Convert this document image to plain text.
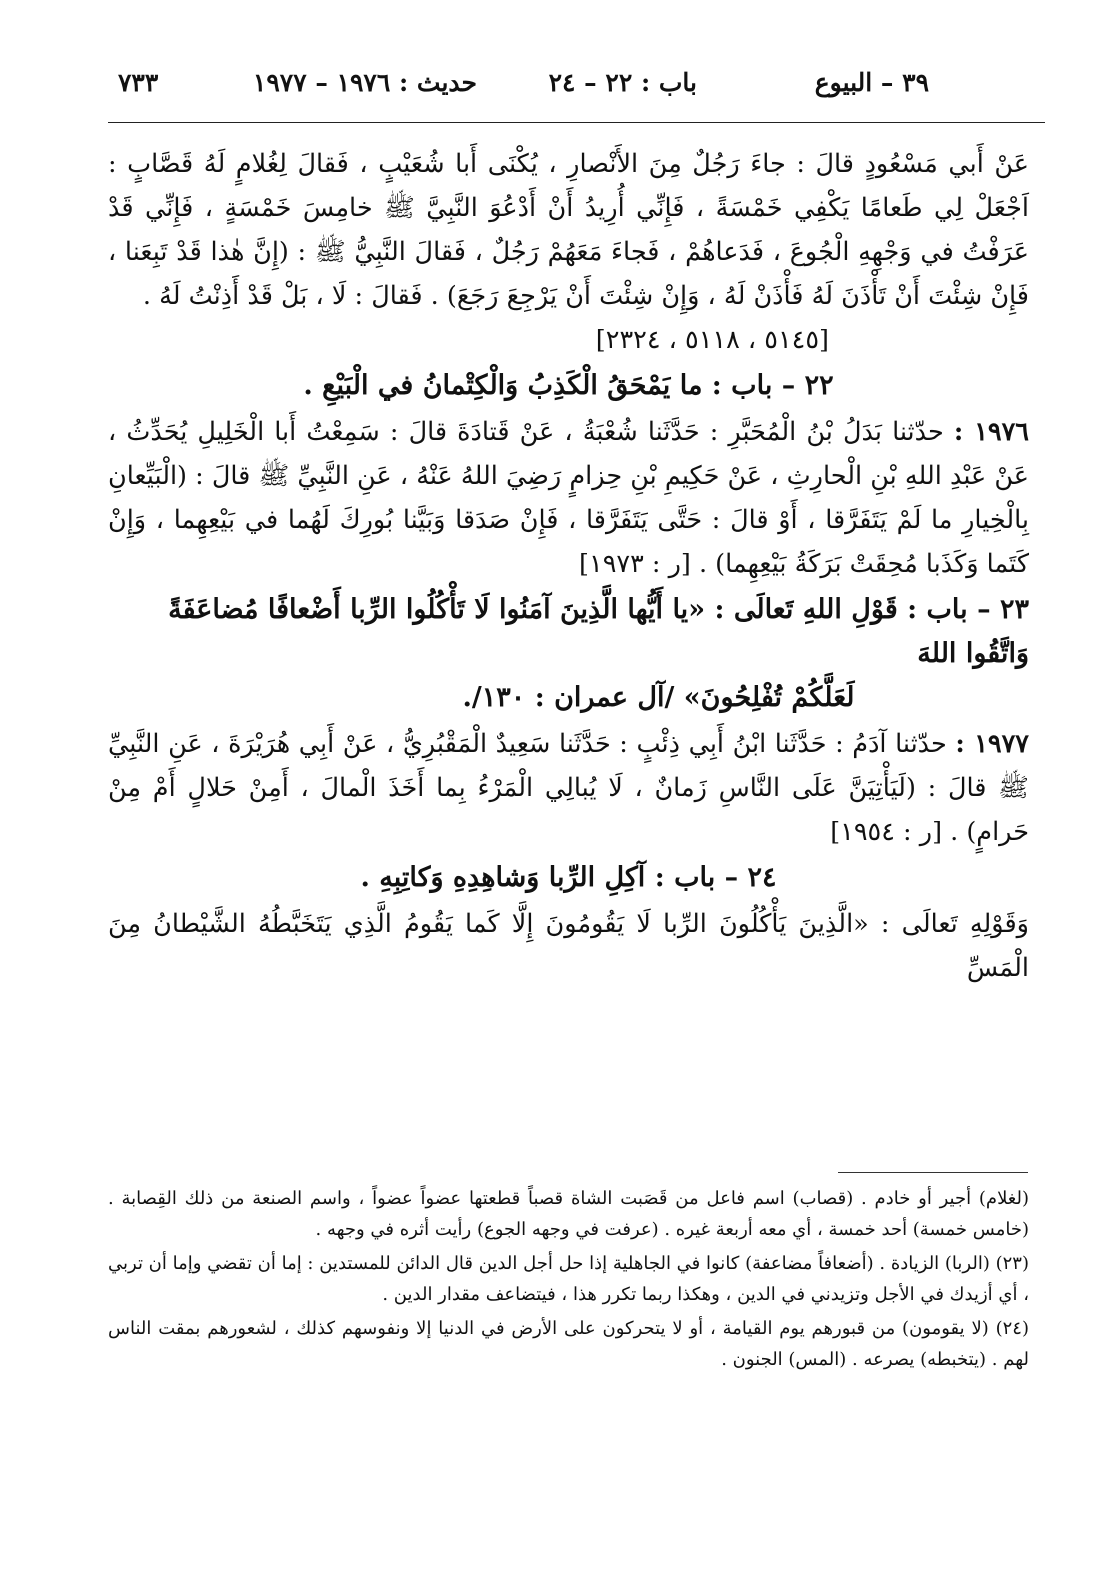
٣٩ – البيوع
باب : ٢٢ – ٢٤
حديث : ١٩٧٦ – ١٩٧٧
٧٣٣

عَنْ أَبي مَسْعُودٍ قالَ : جاءَ رَجُلٌ مِنَ الأَنْصارِ ، يُكْنَى أَبا شُعَيْبٍ ، فَقالَ لِغُلامٍ لَهُ قَصَّابٍ : اَجْعَلْ لِي طَعامًا يَكْفِي خَمْسَةً ، فَإِنِّي أُرِيدُ أَنْ أَدْعُوَ النَّبِيَّ ﷺ خامِسَ خَمْسَةٍ ، فَإِنِّي قَدْ عَرَفْتُ في وَجْهِهِ الْجُوعَ ، فَدَعاهُمْ ، فَجاءَ مَعَهُمْ رَجُلٌ ، فَقالَ النَّبِيُّ ﷺ : (إِنَّ هٰذا قَدْ تَبِعَنا ، فَإِنْ شِئْتَ أَنْ تَأْذَنَ لَهُ فَأْذَنْ لَهُ ، وَإِنْ شِئْتَ أَنْ يَرْجِعَ رَجَعَ) . فَقالَ : لَا ، بَلْ قَدْ أَذِنْتُ لَهُ .

[٥١٤٥ ، ٥١١٨ ، ٢٣٢٤]

٢٢ – باب : ما يَمْحَقُ الْكَذِبُ وَالْكِتْمانُ في الْبَيْعِ .

١٩٧٦ : حدّثنا بَدَلُ بْنُ الْمُحَبَّرِ : حَدَّثَنا شُعْبَةُ ، عَنْ قَتادَةَ قالَ : سَمِعْتُ أَبا الْخَلِيلِ يُحَدِّثُ ، عَنْ عَبْدِ اللهِ بْنِ الْحارِثِ ، عَنْ حَكِيمِ بْنِ حِزامٍ رَضِيَ اللهُ عَنْهُ ، عَنِ النَّبِيِّ ﷺ قالَ : (الْبَيِّعانِ بِالْخِيارِ ما لَمْ يَتَفَرَّقا ، أَوْ قالَ : حَتَّى يَتَفَرَّقا ، فَإِنْ صَدَقا وَبَيَّنا بُورِكَ لَهُما في بَيْعِهِما ، وَإِنْ كَتَما وَكَذَبا مُحِقَتْ بَرَكَةُ بَيْعِهِما) . [ر : ١٩٧٣]

٢٣ – باب : قَوْلِ اللهِ تَعالَى : «يا أَيُّها الَّذِينَ آمَنُوا لَا تَأْكُلُوا الرِّبا أَضْعافًا مُضاعَفَةً وَاتَّقُوا اللهَ
لَعَلَّكُمْ تُفْلِحُونَ» /آل عمران : ١٣٠/.

١٩٧٧ : حدّثنا آدَمُ : حَدَّثَنا ابْنُ أَبِي ذِئْبٍ : حَدَّثَنا سَعِيدٌ الْمَقْبُرِيُّ ، عَنْ أَبِي هُرَيْرَةَ ، عَنِ النَّبِيِّ ﷺ قالَ : (لَيَأْتِيَنَّ عَلَى النَّاسِ زَمانٌ ، لَا يُبالِي الْمَرْءُ بِما أَخَذَ الْمالَ ، أَمِنْ حَلالٍ أَمْ مِنْ حَرامٍ) . [ر : ١٩٥٤]

٢٤ – باب : آكِلِ الرِّبا وَشاهِدِهِ وَكاتِبِهِ .

وَقَوْلِهِ تَعالَى : «الَّذِينَ يَأْكُلُونَ الرِّبا لَا يَقُومُونَ إِلَّا كَما يَقُومُ الَّذِي يَتَخَبَّطُهُ الشَّيْطانُ مِنَ الْمَسِّ

(لغلام) أجير أو خادم . (قصاب) اسم فاعل من قَصَبت الشاة قصباً قطعتها عضواً عضواً ، واسم الصنعة من ذلك القِصابة . (خامس خمسة) أحد خمسة ، أي معه أربعة غيره . (عرفت في وجهه الجوع) رأيت أثره في وجهه .

(٢٣) (الربا) الزيادة . (أضعافاً مضاعفة) كانوا في الجاهلية إذا حل أجل الدين قال الدائن للمستدين : إما أن تقضي وإما أن تربي ، أي أزيدك في الأجل وتزيدني في الدين ، وهكذا ربما تكرر هذا ، فيتضاعف مقدار الدين .

(٢٤) (لا يقومون) من قبورهم يوم القيامة ، أو لا يتحركون على الأرض في الدنيا إلا ونفوسهم كذلك ، لشعورهم بمقت الناس لهم . (يتخبطه) يصرعه . (المس) الجنون .
